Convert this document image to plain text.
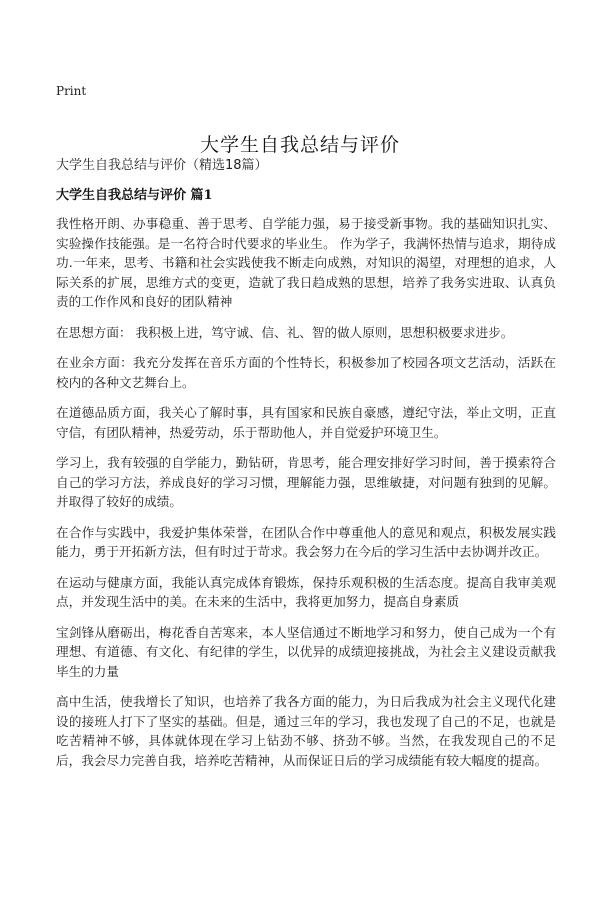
Print
大学生自我总结与评价
大学生自我总结与评价（精选18篇）
大学生自我总结与评价 篇1

我性格开朗、办事稳重、善于思考、自学能力强，易于接受新事物。我的基础知识扎实、实验操作技能强。是一名符合时代要求的毕业生。 作为学子，我满怀热情与追求，期待成功.一年来，思考、书籍和社会实践使我不断走向成熟，对知识的渴望，对理想的追求，人际关系的扩展，思维方式的变更，造就了我日趋成熟的思想，培养了我务实进取、认真负责的工作作风和良好的团队精神

在思想方面： 我积极上进，笃守诚、信、礼、智的做人原则，思想积极要求进步。

在业余方面：我充分发挥在音乐方面的个性特长，积极参加了校园各项文艺活动，活跃在校内的各种文艺舞台上。

在道德品质方面，我关心了解时事，具有国家和民族自豪感，遵纪守法，举止文明，正直守信，有团队精神，热爱劳动，乐于帮助他人，并自觉爱护环境卫生。

学习上，我有较强的自学能力，勤钻研，肯思考，能合理安排好学习时间，善于摸索符合自己的学习方法，养成良好的学习习惯，理解能力强，思维敏捷，对问题有独到的见解。并取得了较好的成绩。

在合作与实践中，我爱护集体荣誉，在团队合作中尊重他人的意见和观点，积极发展实践能力，勇于开拓新方法，但有时过于苛求。我会努力在今后的学习生活中去协调并改正。

在运动与健康方面，我能认真完成体育锻炼，保持乐观积极的生活态度。提高自我审美观点，并发现生活中的美。在未来的生活中，我将更加努力，提高自身素质

宝剑锋从磨砺出，梅花香自苦寒来，本人坚信通过不断地学习和努力，使自己成为一个有理想、有道德、有文化、有纪律的学生，以优异的成绩迎接挑战，为社会主义建设贡献我毕生的力量

高中生活，使我增长了知识，也培养了我各方面的能力，为日后我成为社会主义现代化建设的接班人打下了坚实的基础。但是，通过三年的学习，我也发现了自己的不足，也就是吃苦精神不够，具体就体现在学习上钻劲不够、挤劲不够。当然，在我发现自己的不足后，我会尽力完善自我，培养吃苦精神，从而保证日后的学习成绩能有较大幅度的提高。
